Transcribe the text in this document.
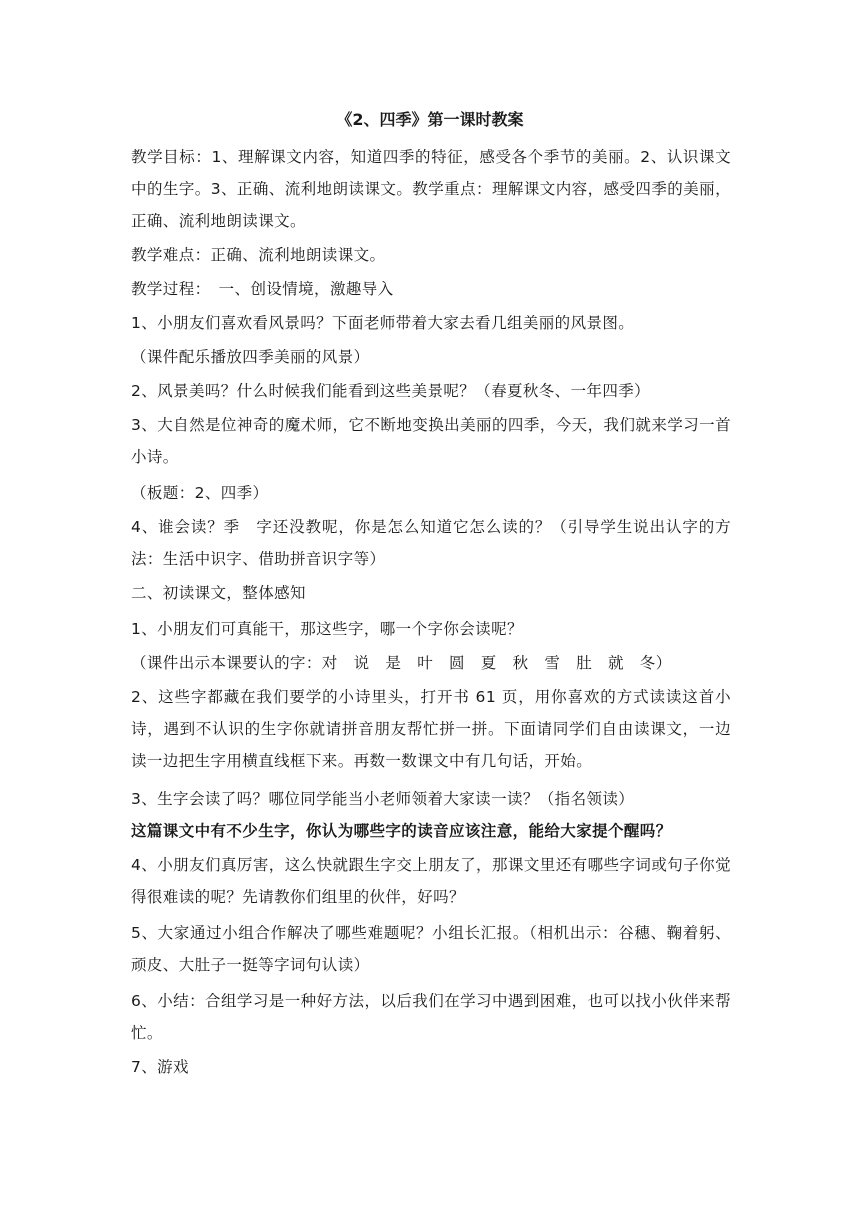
《2、四季》第一课时教案

教学目标：1、理解课文内容，知道四季的特征，感受各个季节的美丽。2、认识课文中的生字。3、正确、流利地朗读课文。教学重点：理解课文内容，感受四季的美丽，正确、流利地朗读课文。

教学难点：正确、流利地朗读课文。

教学过程：　一、创设情境，激趣导入

1、小朋友们喜欢看风景吗？下面老师带着大家去看几组美丽的风景图。

（课件配乐播放四季美丽的风景）

2、风景美吗？什么时候我们能看到这些美景呢？（春夏秋冬、一年四季）

3、大自然是位神奇的魔术师，它不断地变换出美丽的四季，今天，我们就来学习一首小诗。

（板题：2、四季）

4、谁会读？季　字还没教呢，你是怎么知道它怎么读的？（引导学生说出认字的方法：生活中识字、借助拼音识字等）

二、初读课文，整体感知

1、小朋友们可真能干，那这些字，哪一个字你会读呢？

（课件出示本课要认的字：对　说　是　叶　圆　夏　秋　雪　肚　就　冬）

2、这些字都藏在我们要学的小诗里头，打开书 61 页，用你喜欢的方式读读这首小诗，遇到不认识的生字你就请拼音朋友帮忙拼一拼。下面请同学们自由读课文，一边读一边把生字用横直线框下来。再数一数课文中有几句话，开始。

3、生字会读了吗？哪位同学能当小老师领着大家读一读？（指名领读）

这篇课文中有不少生字，你认为哪些字的读音应该注意，能给大家提个醒吗？

4、小朋友们真厉害，这么快就跟生字交上朋友了，那课文里还有哪些字词或句子你觉得很难读的呢？先请教你们组里的伙伴，好吗？

5、大家通过小组合作解决了哪些难题呢？小组长汇报。（相机出示：谷穗、鞠着躬、顽皮、大肚子一挺等字词句认读）

6、小结：合组学习是一种好方法，以后我们在学习中遇到困难，也可以找小伙伴来帮忙。

7、游戏
